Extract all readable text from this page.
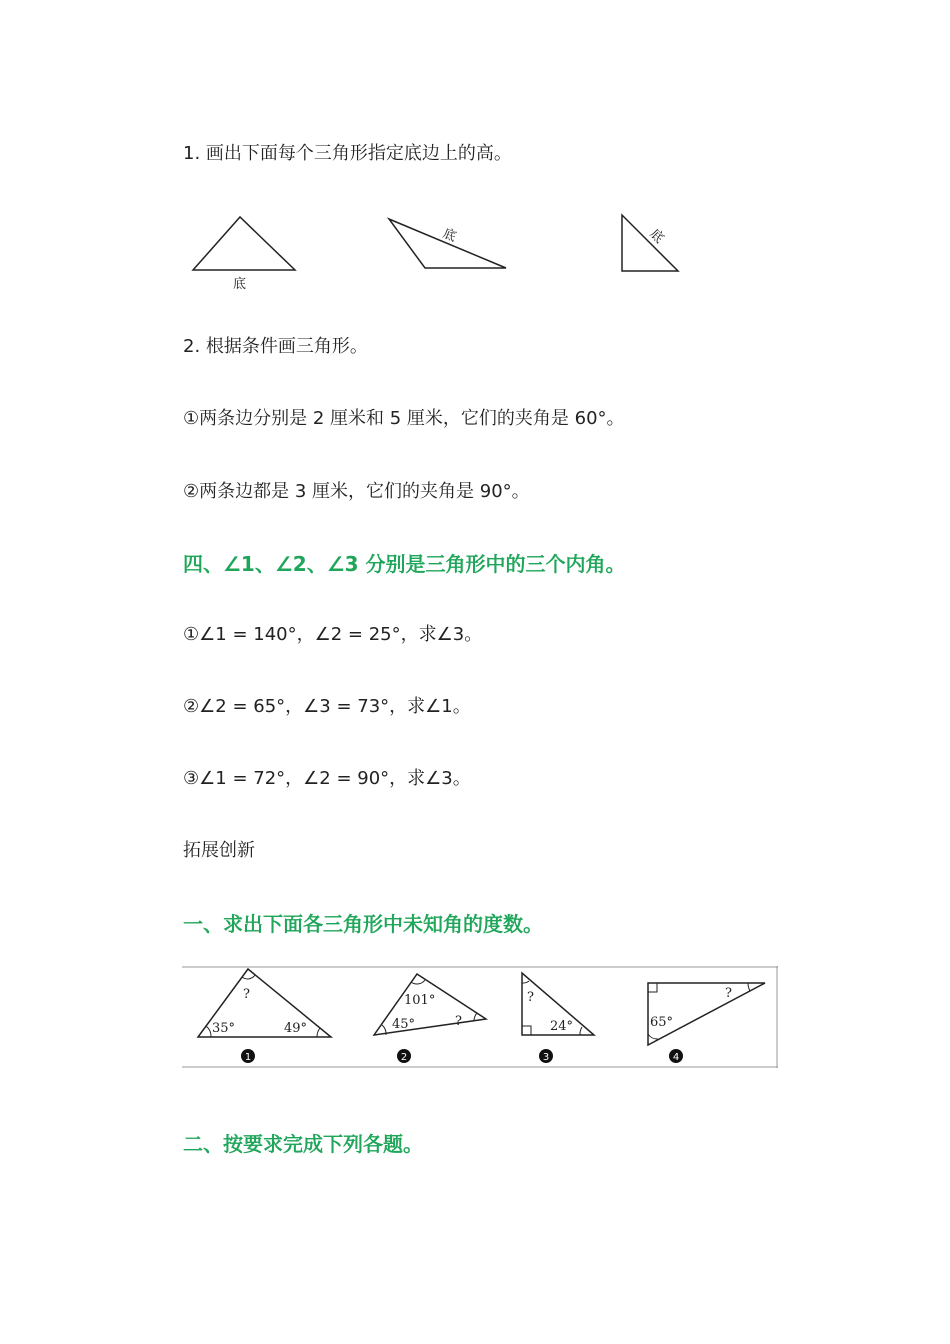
1. 画出下面每个三角形指定底边上的高。
底
底	底
2. 根据条件画三角形。
①两条边分别是 2 厘米和 5 厘米，它们的夹角是 60°。
②两条边都是 3 厘米，它们的夹角是 90°。
四、∠1、∠2、∠3 分别是三角形中的三个内角。
①∠1 = 140°，∠2 = 25°，求∠3。
②∠2 = 65°，∠3 = 73°，求∠1。
③∠1 = 72°，∠2 = 90°，求∠3。
拓展创新
一、求出下面各三角形中未知角的度数。
?
35°	49°
1
101°
45°	?
2
?
24°
3
?
65°
4
二、按要求完成下列各题。
